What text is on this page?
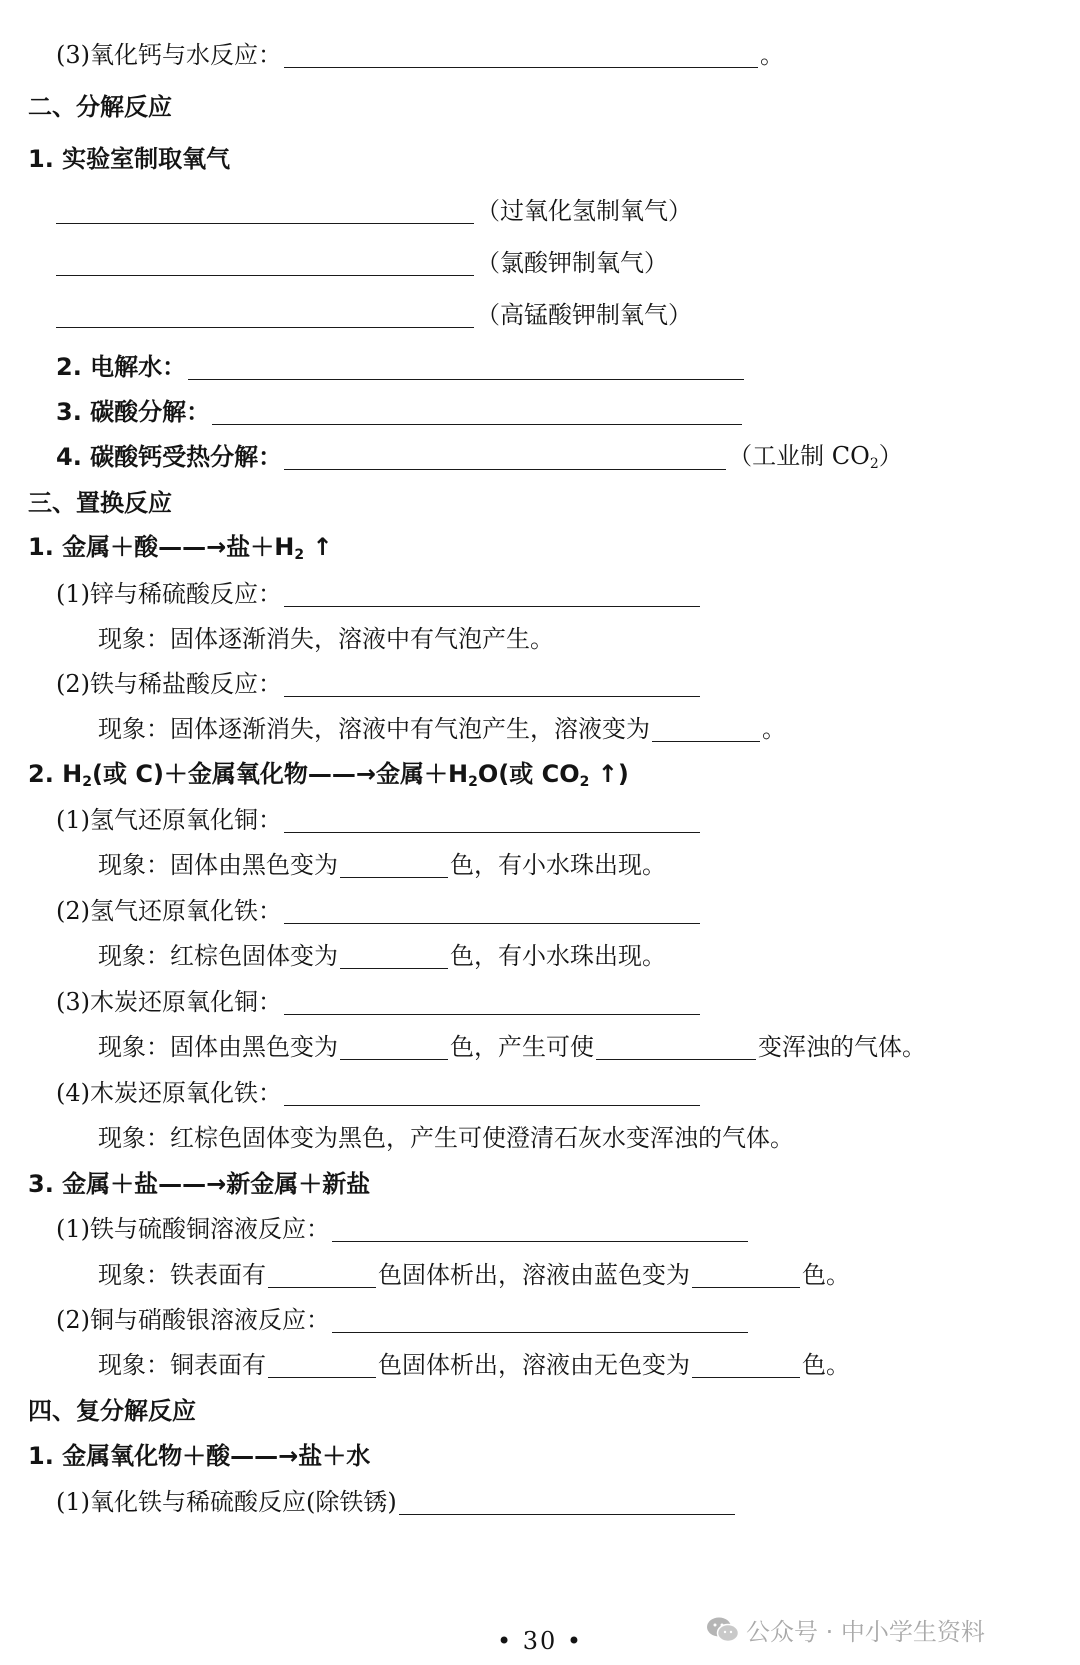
(3)氧化钙与水反应：	。
二、分解反应
1. 实验室制取氧气
（过氧化氢制氧气）
（氯酸钾制氧气）
（高锰酸钾制氧气）
2. 电解水：
3. 碳酸分解：
4. 碳酸钙受热分解：	（工业制 $CO_2$）
三、置换反应
1. 金属＋酸——→盐$+H_2$ ↑
(1)锌与稀硫酸反应：
现象：固体逐渐消失，溶液中有气泡产生。
(2)铁与稀盐酸反应：
现象：固体逐渐消失，溶液中有气泡产生，溶液变为	。
2. $H_2$(或 C)＋金属氧化物——→金属$+H_2O$(或 $CO_2$ ↑)
(1)氢气还原氧化铜：
现象：固体由黑色变为	色，有小水珠出现。
(2)氢气还原氧化铁：
现象：红棕色固体变为	色，有小水珠出现。
(3)木炭还原氧化铜：
现象：固体由黑色变为	色，产生可使	变浑浊的气体。
(4)木炭还原氧化铁：
现象：红棕色固体变为黑色，产生可使澄清石灰水变浑浊的气体。
3. 金属＋盐——→新金属＋新盐
(1)铁与硫酸铜溶液反应：
现象：铁表面有	色固体析出，溶液由蓝色变为	色。
(2)铜与硝酸银溶液反应：
现象：铜表面有	色固体析出，溶液由无色变为	色。
四、复分解反应
1. 金属氧化物＋酸——→盐＋水
(1)氧化铁与稀硫酸反应(除铁锈)
• 30 •	公众号 · 中小学生资料
